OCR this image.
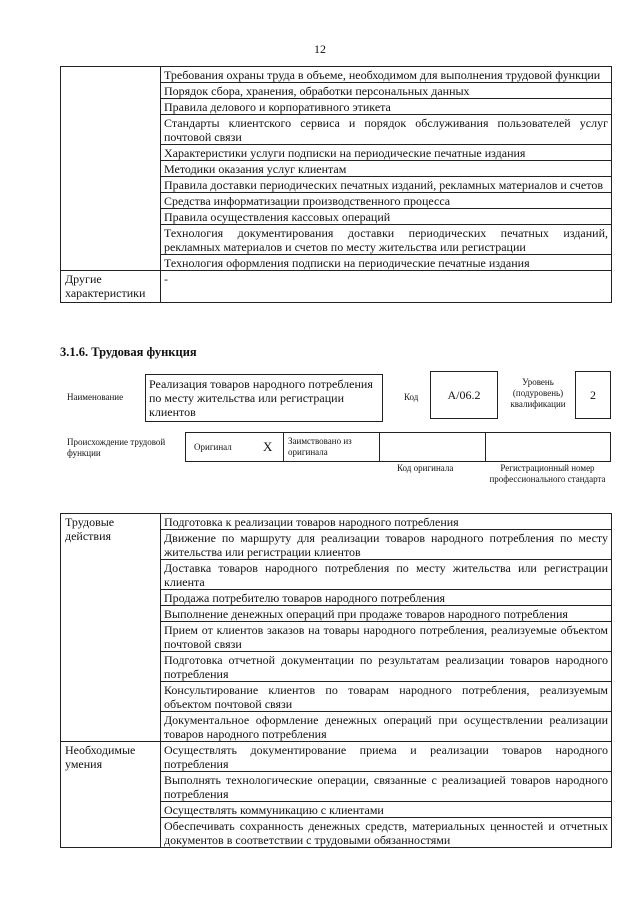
12
	Требования охраны труда в объеме, необходимом для выполнения трудовой функции
	Порядок сбора, хранения, обработки персональных данных
	Правила делового и корпоративного этикета
	Стандарты клиентского сервиса и порядок обслуживания пользователей услуг почтовой связи
	Характеристики услуги подписки на периодические печатные издания
	Методики оказания услуг клиентам
	Правила доставки периодических печатных изданий, рекламных материалов и счетов
	Средства информатизации производственного процесса
	Правила осуществления кассовых операций
	Технология документирования доставки периодических печатных изданий, рекламных материалов и счетов по месту жительства или регистрации
	Технология оформления подписки на периодические печатные издания
Другие характеристики	-
3.1.6. Трудовая функция
Наименование
Реализация товаров народного потребления по месту жительства или регистрации клиентов
Код А/06.2
Уровень (подуровень) квалификации
2
Происхождение трудовой функции
Оригинал X Заимствовано из оригинала
Код оригинала	Регистрационный номер профессионального стандарта
Трудовые действия	Подготовка к реализации товаров народного потребления
	Движение по маршруту для реализации товаров народного потребления по месту жительства или регистрации клиентов
	Доставка товаров народного потребления по месту жительства или регистрации клиента
	Продажа потребителю товаров народного потребления
	Выполнение денежных операций при продаже товаров народного потребления
	Прием от клиентов заказов на товары народного потребления, реализуемые объектом почтовой связи
	Подготовка отчетной документации по результатам реализации товаров народного потребления
	Консультирование клиентов по товарам народного потребления, реализуемым объектом почтовой связи
	Документальное оформление денежных операций при осуществлении реализации товаров народного потребления
Необходимые умения	Осуществлять документирование приема и реализации товаров народного потребления
	Выполнять технологические операции, связанные с реализацией товаров народного потребления
	Осуществлять коммуникацию с клиентами
	Обеспечивать сохранность денежных средств, материальных ценностей и отчетных документов в соответствии с трудовыми обязанностями
